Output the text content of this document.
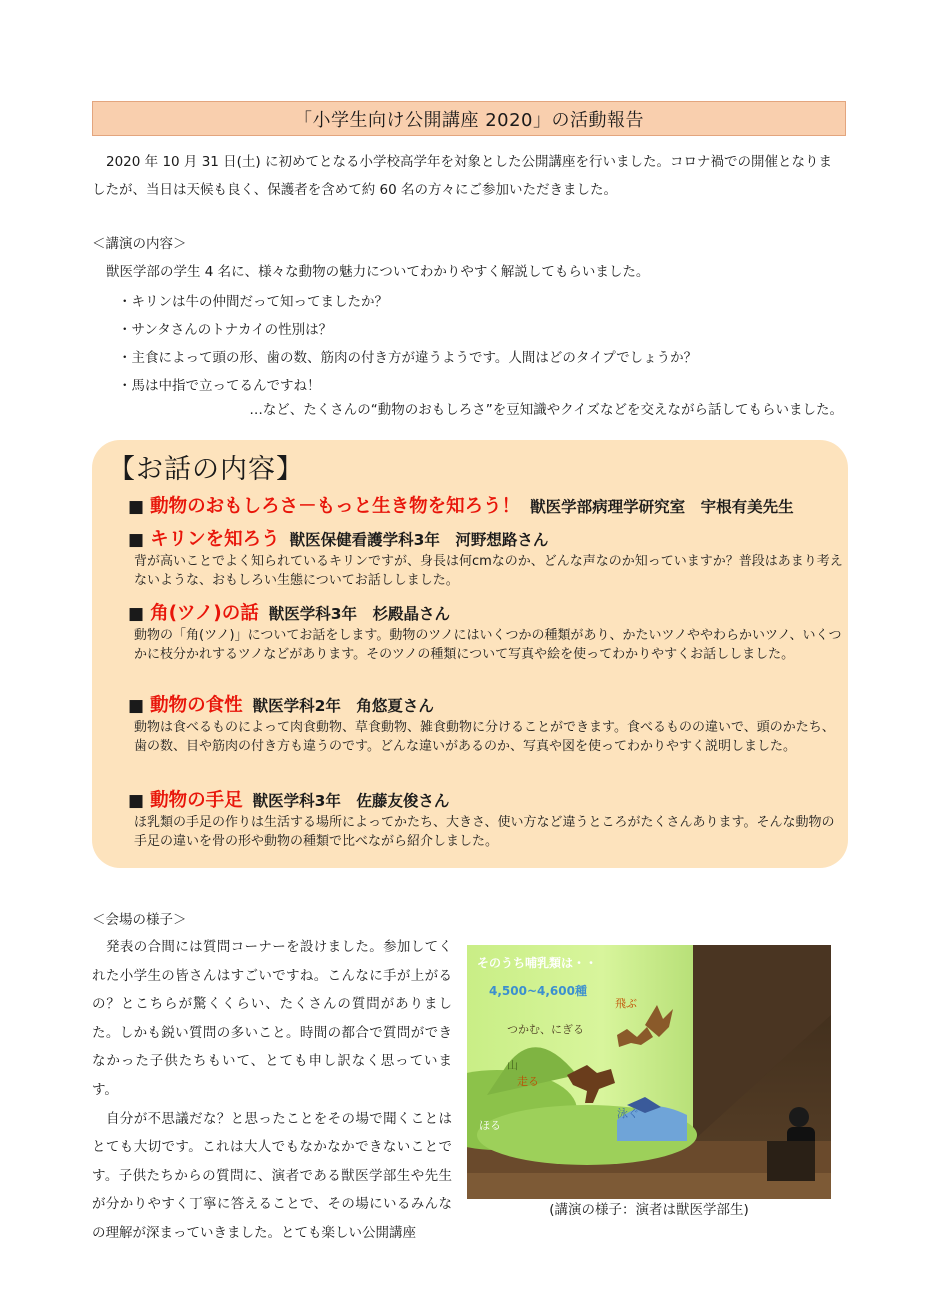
「小学生向け公開講座 2020」の活動報告

2020 年 10 月 31 日(土) に初めてとなる小学校高学年を対象とした公開講座を行いました。コロナ禍での開催となりましたが、当日は天候も良く、保護者を含めて約 60 名の方々にご参加いただきました。

＜講演の内容＞

獣医学部の学生 4 名に、様々な動物の魅力についてわかりやすく解説してもらいました。

・ キリンは牛の仲間だって知ってましたか？
・ サンタさんのトナカイの性別は？
・ 主食によって頭の形、歯の数、筋肉の付き方が違うようです。人間はどのタイプでしょうか？
・ 馬は中指で立ってるんですね！

…など、たくさんの“動物のおもしろさ”を豆知識やクイズなどを交えながら話してもらいました。

【お話の内容】

■ 動物のおもしろさ－もっと生き物を知ろう！ 獣医学部病理学研究室　宇根有美先生

■ キリンを知ろう 獣医保健看護学科3年　河野想路さん

背が高いことでよく知られているキリンですが、身長は何cmなのか、どんな声なのか知っていますか？普段はあまり考えないような、おもしろい生態についてお話ししました。

■ 角(ツノ)の話 獣医学科3年　杉殿晶さん

動物の「角(ツノ)」についてお話をします。動物のツノにはいくつかの種類があり、かたいツノややわらかいツノ、いくつかに枝分かれするツノなどがあります。そのツノの種類について写真や絵を使ってわかりやすくお話ししました。

■ 動物の食性 獣医学科2年　角悠夏さん

動物は食べるものによって肉食動物、草食動物、雑食動物に分けることができます。食べるものの違いで、頭のかたち、歯の数、目や筋肉の付き方も違うのです。どんな違いがあるのか、写真や図を使ってわかりやすく説明しました。

■ 動物の手足 獣医学科3年　佐藤友俊さん

ほ乳類の手足の作りは生活する場所によってかたち、大きさ、使い方など違うところがたくさんあります。そんな動物の手足の違いを骨の形や動物の種類で比べながら紹介しました。

＜会場の様子＞

発表の合間には質問コーナーを設けました。参加してくれた小学生の皆さんはすごいですね。こんなに手が上がるの？とこちらが驚くくらい、たくさんの質問がありました。しかも鋭い質問の多いこと。時間の都合で質問ができなかった子供たちもいて、とても申し訳なく思っています。

自分が不思議だな？と思ったことをその場で聞くことはとても大切です。これは大人でもなかなかできないことです。子供たちからの質問に、演者である獣医学部生や先生が分かりやすく丁寧に答えることで、その場にいるみんなの理解が深まっていきました。とても楽しい公開講座

そのうち哺乳類は・・
4,500~4,600種
つかむ、にぎる
飛ぶ
山
走る
泳ぐ
ほる

(講演の様子：演者は獣医学部生)
